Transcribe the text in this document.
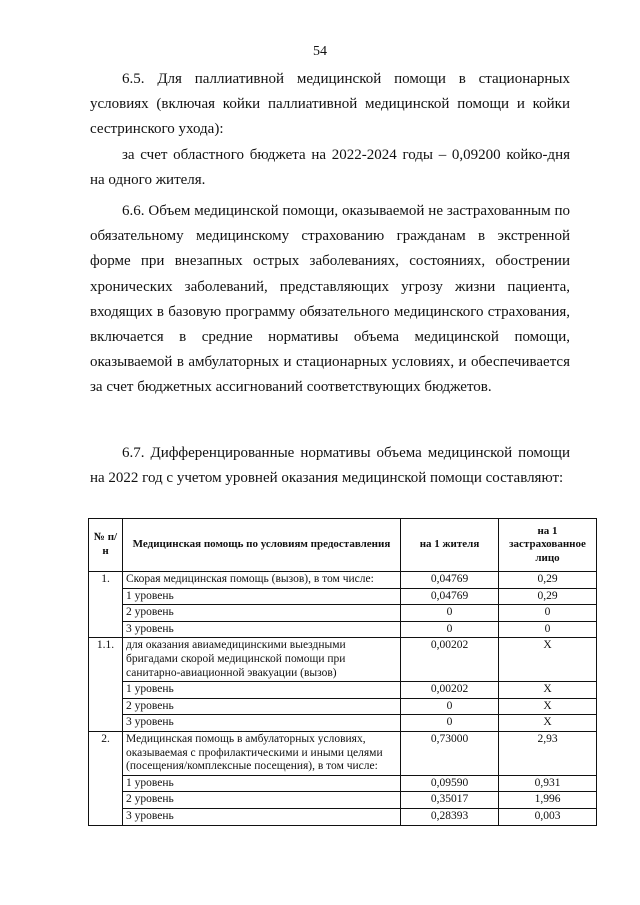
54

6.5. Для паллиативной медицинской помощи в стационарных условиях (включая койки паллиативной медицинской помощи и койки сестринского ухода):

за счет областного бюджета на 2022-2024 годы – 0,09200 койко-дня на одного жителя.

6.6. Объем медицинской помощи, оказываемой не застрахованным по обязательному медицинскому страхованию гражданам в экстренной форме при внезапных острых заболеваниях, состояниях, обострении хронических заболеваний, представляющих угрозу жизни пациента, входящих в базовую программу обязательного медицинского страхования, включается в средние нормативы объема медицинской помощи, оказываемой в амбулаторных и стационарных условиях, и обеспечивается за счет бюджетных ассигнований соответствующих бюджетов.

6.7. Дифференцированные нормативы объема медицинской помощи на 2022 год с учетом уровней оказания медицинской помощи составляют:

№ п/н	Медицинская помощь по условиям предоставления	на 1 жителя	на 1 застрахованное лицо
1.	Скорая медицинская помощь (вызов), в том числе:	0,04769	0,29
	1 уровень	0,04769	0,29
	2 уровень	0	0
	3 уровень	0	0
1.1.	для оказания авиамедицинскими выездными бригадами скорой медицинской помощи при санитарно-авиационной эвакуации (вызов)	0,00202	Х
	1 уровень	0,00202	Х
	2 уровень	0	Х
	3 уровень	0	Х
2.	Медицинская помощь в амбулаторных условиях, оказываемая с профилактическими и иными целями (посещения/комплексные посещения), в том числе:	0,73000	2,93
	1 уровень	0,09590	0,931
	2 уровень	0,35017	1,996
	3 уровень	0,28393	0,003
